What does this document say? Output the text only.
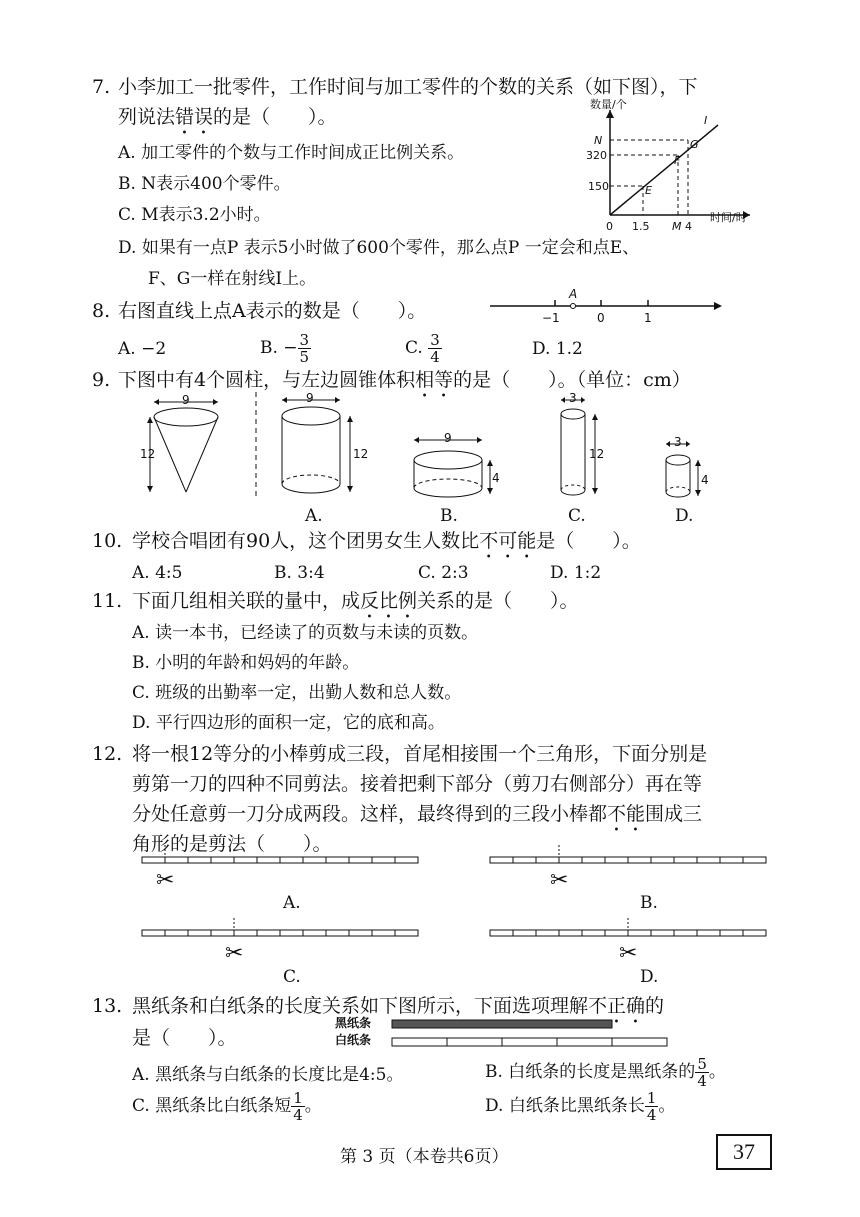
7. 小李加工一批零件，工作时间与加工零件的个数的关系（如下图），下
列说法错误的是（　　）。
A. 加工零件的个数与工作时间成正比例关系。
B. N表示400个零件。
C. M表示3.2小时。
D. 如果有一点P 表示5小时做了600个零件，那么点P 一定会和点E、
F、G一样在射线I上。
数量/个
时间/时
N
320
150
0 1.5 M 4
E
F
G
I
8. 右图直线上点A表示的数是（　　）。
A
−1	0	1
A. −2	B. − $\frac{3}{5}$	C. $\frac{3}{4}$	D. 1.2
9. 下图中有4个圆柱，与左边圆锥体积相等的是（　　）。（单位：cm）
9
12
9
12
A.
9
4
B.
3
12
C.
3
4
D.
10. 学校合唱团有90人，这个团男女生人数比不可能是（　　）。
A. 4:5	B. 3:4	C. 2:3	D. 1:2
11. 下面几组相关联的量中，成反比例关系的是（　　）。
A. 读一本书，已经读了的页数与未读的页数。
B. 小明的年龄和妈妈的年龄。
C. 班级的出勤率一定，出勤人数和总人数。
D. 平行四边形的面积一定，它的底和高。
12. 将一根12等分的小棒剪成三段，首尾相接围一个三角形，下面分别是
剪第一刀的四种不同剪法。接着把剩下部分（剪刀右侧部分）再在等
分处任意剪一刀分成两段。这样，最终得到的三段小棒都不能围成三
角形的是剪法（　　）。
✂	✂
✂	✂
A.	B.
C.	D.
13. 黑纸条和白纸条的长度关系如下图所示，下面选项理解不正确的
是（　　）。
黑纸条
白纸条
A. 黑纸条与白纸条的长度比是4:5。	B. 白纸条的长度是黑纸条的 $\frac{5}{4}$ 。
C. 黑纸条比白纸条短 $\frac{1}{4}$ 。	D. 白纸条比黑纸条长 $\frac{1}{4}$ 。
第 3 页（本卷共6页）	37
